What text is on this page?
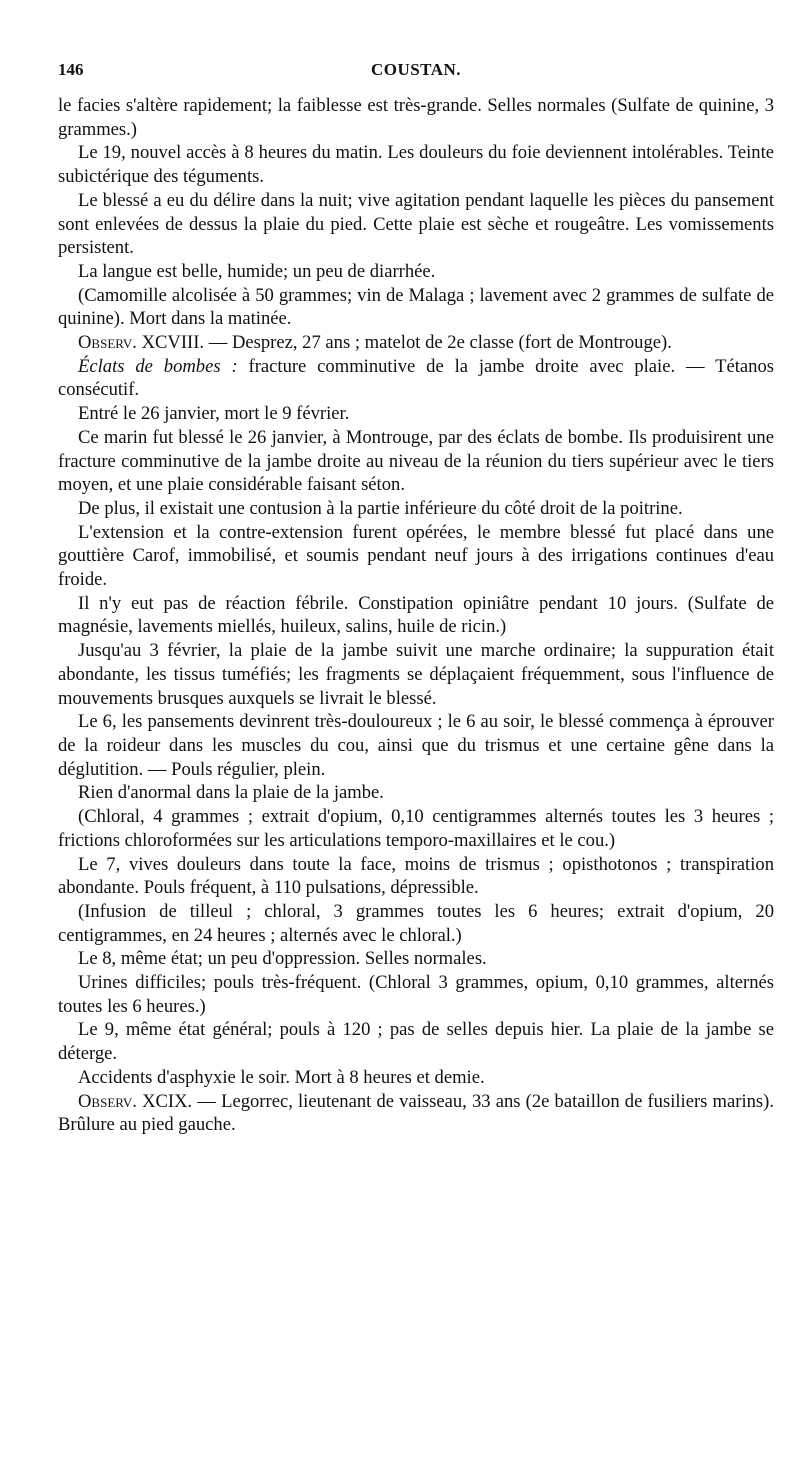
146	COUSTAN.

le facies s'altère rapidement; la faiblesse est très-grande. Selles normales (Sulfate de quinine, 3 grammes.)

Le 19, nouvel accès à 8 heures du matin. Les douleurs du foie deviennent intolérables. Teinte subictérique des téguments.

Le blessé a eu du délire dans la nuit; vive agitation pendant laquelle les pièces du pansement sont enlevées de dessus la plaie du pied. Cette plaie est sèche et rougeâtre. Les vomissements persistent.

La langue est belle, humide; un peu de diarrhée.

(Camomille alcolisée à 50 grammes; vin de Malaga ; lavement avec 2 grammes de sulfate de quinine). Mort dans la matinée.

Observ. XCVIII. — Desprez, 27 ans ; matelot de 2e classe (fort de Montrouge).

Éclats de bombes : fracture comminutive de la jambe droite avec plaie. — Tétanos consécutif.

Entré le 26 janvier, mort le 9 février.

Ce marin fut blessé le 26 janvier, à Montrouge, par des éclats de bombe. Ils produisirent une fracture comminutive de la jambe droite au niveau de la réunion du tiers supérieur avec le tiers moyen, et une plaie considérable faisant séton.

De plus, il existait une contusion à la partie inférieure du côté droit de la poitrine.

L'extension et la contre-extension furent opérées, le membre blessé fut placé dans une gouttière Carof, immobilisé, et soumis pendant neuf jours à des irrigations continues d'eau froide.

Il n'y eut pas de réaction fébrile. Constipation opiniâtre pendant 10 jours. (Sulfate de magnésie, lavements miellés, huileux, salins, huile de ricin.)

Jusqu'au 3 février, la plaie de la jambe suivit une marche ordinaire; la suppuration était abondante, les tissus tuméfiés; les fragments se déplaçaient fréquemment, sous l'influence de mouvements brusques auxquels se livrait le blessé.

Le 6, les pansements devinrent très-douloureux ; le 6 au soir, le blessé commença à éprouver de la roideur dans les muscles du cou, ainsi que du trismus et une certaine gêne dans la déglutition. — Pouls régulier, plein.

Rien d'anormal dans la plaie de la jambe.

(Chloral, 4 grammes ; extrait d'opium, 0,10 centigrammes alternés toutes les 3 heures ; frictions chloroformées sur les articulations temporo-maxillaires et le cou.)

Le 7, vives douleurs dans toute la face, moins de trismus ; opisthotonos ; transpiration abondante. Pouls fréquent, à 110 pulsations, dépressible.

(Infusion de tilleul ; chloral, 3 grammes toutes les 6 heures; extrait d'opium, 20 centigrammes, en 24 heures ; alternés avec le chloral.)

Le 8, même état; un peu d'oppression. Selles normales.

Urines difficiles; pouls très-fréquent. (Chloral 3 grammes, opium, 0,10 grammes, alternés toutes les 6 heures.)

Le 9, même état général; pouls à 120 ; pas de selles depuis hier. La plaie de la jambe se déterge.

Accidents d'asphyxie le soir. Mort à 8 heures et demie.

Observ. XCIX. — Legorrec, lieutenant de vaisseau, 33 ans (2e bataillon de fusiliers marins). Brûlure au pied gauche.
